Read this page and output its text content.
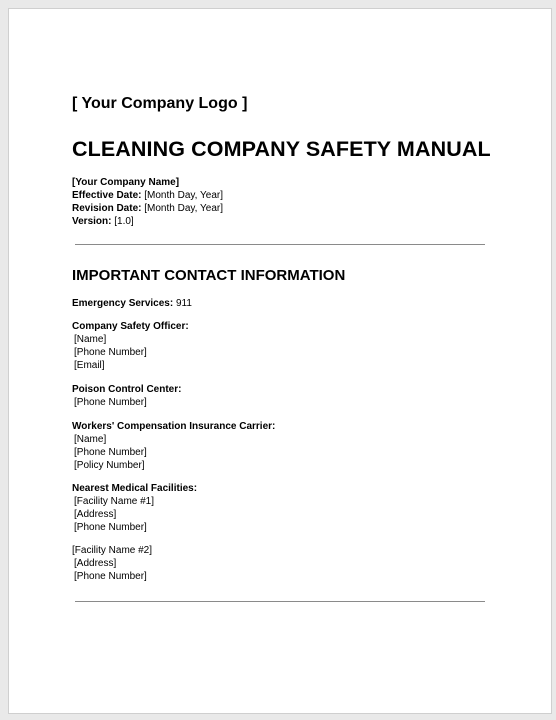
[ Your Company Logo ]
CLEANING COMPANY SAFETY MANUAL
[Your Company Name]
Effective Date: [Month Day, Year]
Revision Date: [Month Day, Year]
Version: [1.0]
IMPORTANT CONTACT INFORMATION
Emergency Services: 911
Company Safety Officer:
[Name]
[Phone Number]
[Email]
Poison Control Center:
[Phone Number]
Workers' Compensation Insurance Carrier:
[Name]
[Phone Number]
[Policy Number]
Nearest Medical Facilities:
[Facility Name #1]
[Address]
[Phone Number]
[Facility Name #2]
[Address]
[Phone Number]
